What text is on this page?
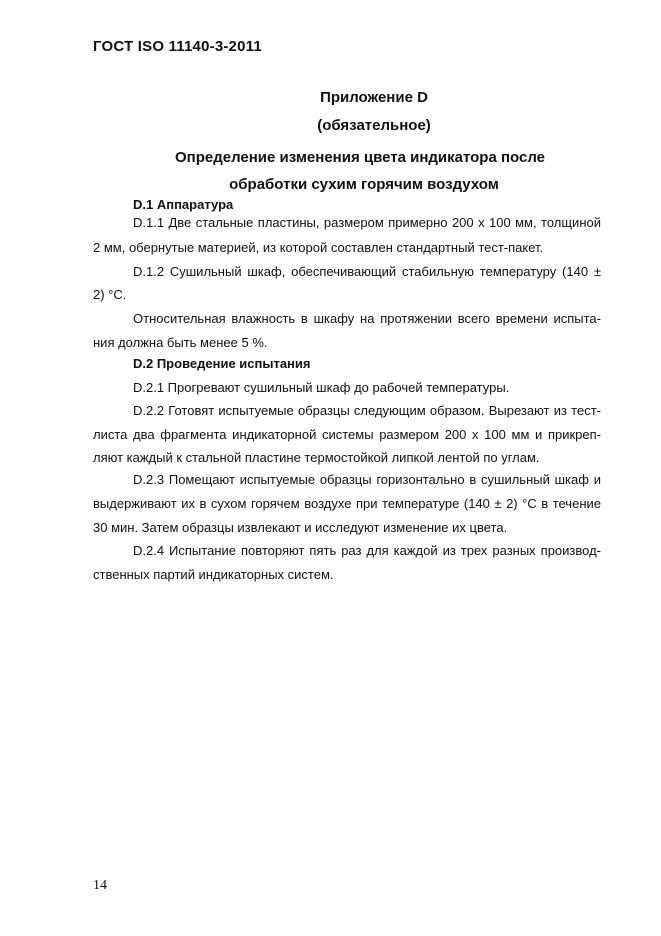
ГОСТ ISO 11140-3-2011
Приложение D
(обязательное)
Определение изменения цвета индикатора после
обработки сухим горячим воздухом
D.1 Аппаратура
D.1.1 Две стальные пластины, размером примерно 200 х 100 мм, толщиной
2 мм, обернутые материей, из которой составлен стандартный тест-пакет.
D.1.2 Сушильный шкаф, обеспечивающий стабильную температуру (140 ±
2) °С.
Относительная влажность в шкафу на протяжении всего времени испыта-
ния должна быть менее 5 %.
D.2 Проведение испытания
D.2.1 Прогревают сушильный шкаф до рабочей температуры.
D.2.2 Готовят испытуемые образцы следующим образом. Вырезают из тест-
листа два фрагмента индикаторной системы размером 200 х 100 мм и прикреп-
ляют каждый к стальной пластине термостойкой липкой лентой по углам.
D.2.3 Помещают испытуемые образцы горизонтально в сушильный шкаф и
выдерживают их в сухом горячем воздухе при температуре (140 ± 2) °С в течение
30 мин. Затем образцы извлекают и исследуют изменение их цвета.
D.2.4 Испытание повторяют пять раз для каждой из трех разных производ-
ственных партий индикаторных систем.
14
